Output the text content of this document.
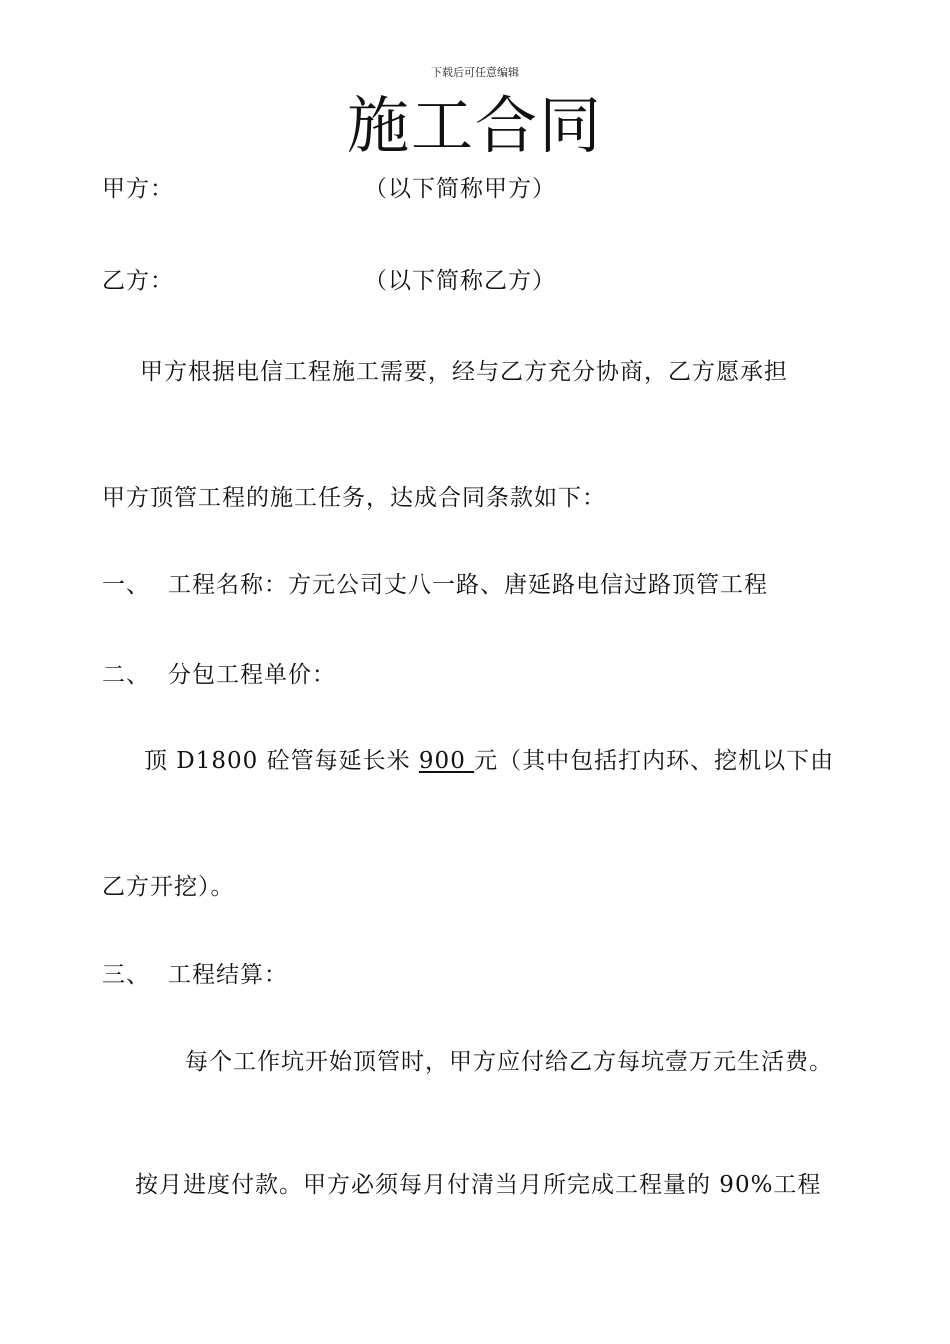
下载后可任意编辑
施工合同
甲方：	（以下简称甲方）
乙方：	（以下简称乙方）
甲方根据电信工程施工需要，经与乙方充分协商，乙方愿承担
甲方顶管工程的施工任务，达成合同条款如下：
一、 工程名称：方元公司丈八一路、唐延路电信过路顶管工程
二、 分包工程单价：
顶 D1800 砼管每延长米 900 元（其中包括打内环、挖机以下由
乙方开挖）。
三、 工程结算：
每个工作坑开始顶管时，甲方应付给乙方每坑壹万元生活费。
按月进度付款。甲方必须每月付清当月所完成工程量的 90%工程
